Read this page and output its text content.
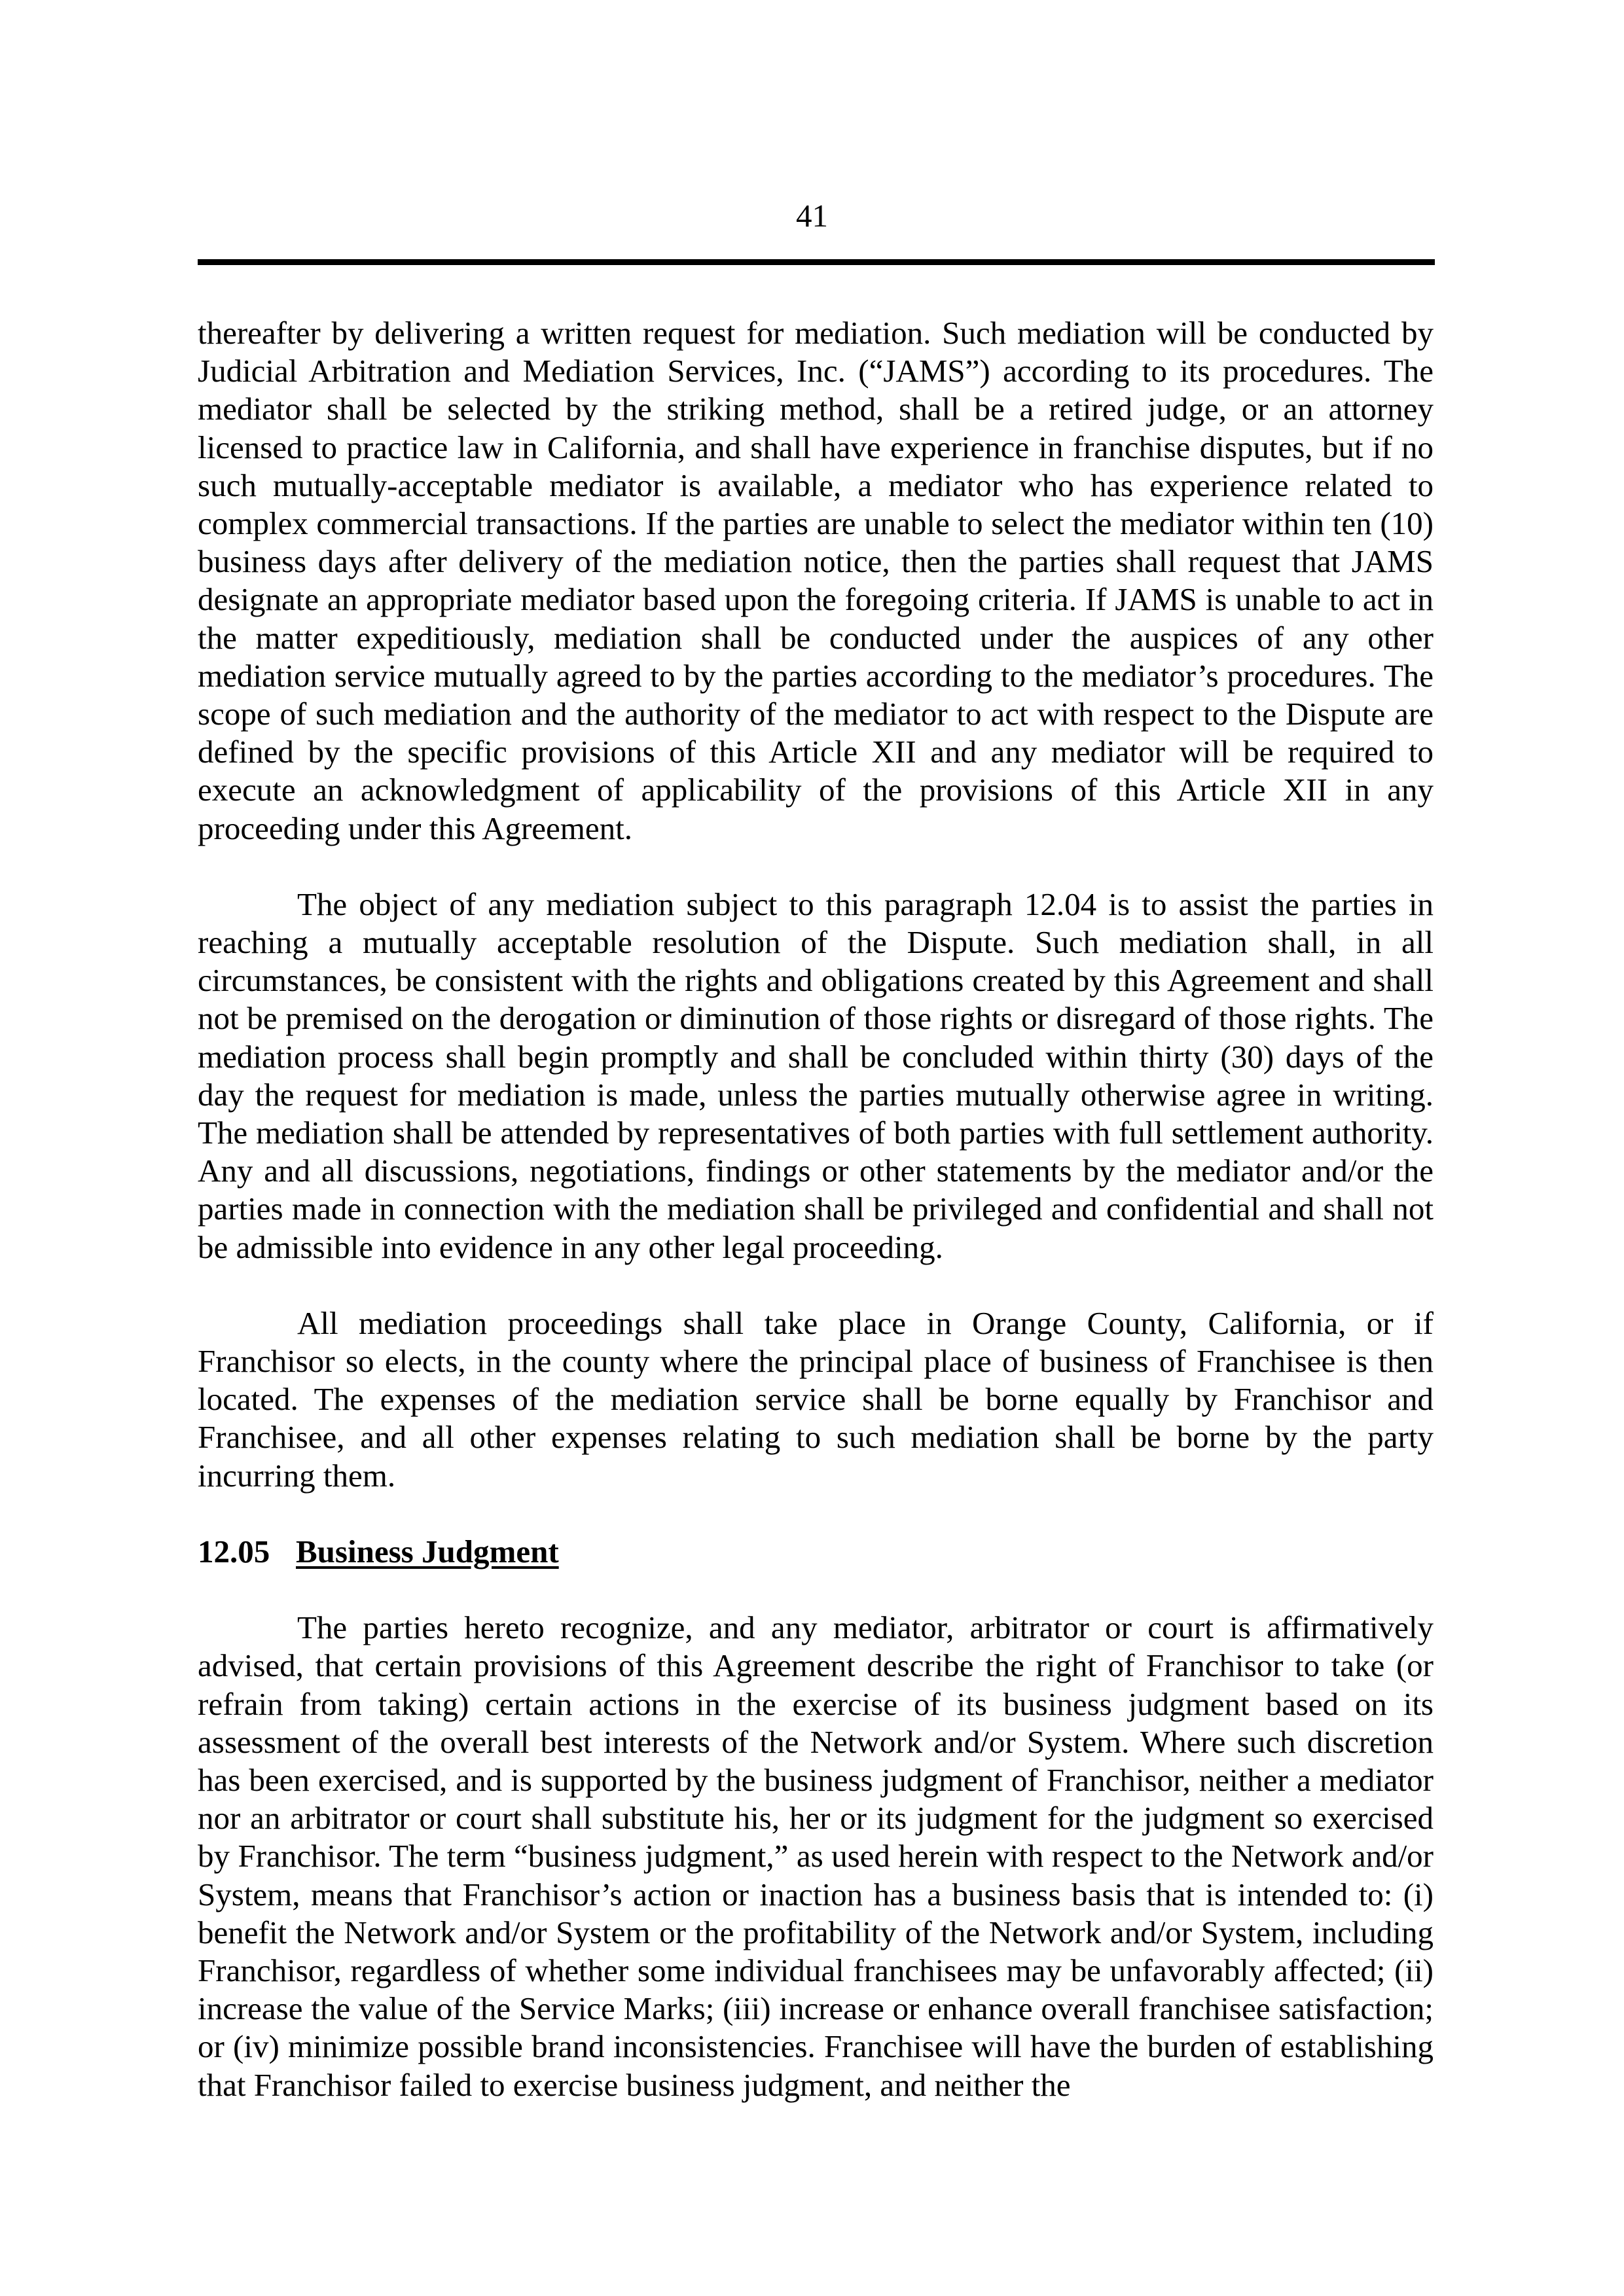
41

thereafter by delivering a written request for mediation. Such mediation will be conducted by Judicial Arbitration and Mediation Services, Inc. (“JAMS”) according to its procedures. The mediator shall be selected by the striking method, shall be a retired judge, or an attorney licensed to practice law in California, and shall have experience in franchise disputes, but if no such mutually-acceptable mediator is available, a mediator who has experience related to complex commercial transactions. If the parties are unable to select the mediator within ten (10) business days after delivery of the mediation notice, then the parties shall request that JAMS designate an appropriate mediator based upon the foregoing criteria. If JAMS is unable to act in the matter expeditiously, mediation shall be conducted under the auspices of any other mediation service mutually agreed to by the parties according to the mediator’s procedures. The scope of such mediation and the authority of the mediator to act with respect to the Dispute are defined by the specific provisions of this Article XII and any mediator will be required to execute an acknowledgment of applicability of the provisions of this Article XII in any proceeding under this Agreement.

The object of any mediation subject to this paragraph 12.04 is to assist the parties in reaching a mutually acceptable resolution of the Dispute. Such mediation shall, in all circumstances, be consistent with the rights and obligations created by this Agreement and shall not be premised on the derogation or diminution of those rights or disregard of those rights. The mediation process shall begin promptly and shall be concluded within thirty (30) days of the day the request for mediation is made, unless the parties mutually otherwise agree in writing. The mediation shall be attended by representatives of both parties with full settlement authority. Any and all discussions, negotiations, findings or other statements by the mediator and/or the parties made in connection with the mediation shall be privileged and confidential and shall not be admissible into evidence in any other legal proceeding.

All mediation proceedings shall take place in Orange County, California, or if Franchisor so elects, in the county where the principal place of business of Franchisee is then located. The expenses of the mediation service shall be borne equally by Franchisor and Franchisee, and all other expenses relating to such mediation shall be borne by the party incurring them.

12.05 Business Judgment

The parties hereto recognize, and any mediator, arbitrator or court is affirmatively advised, that certain provisions of this Agreement describe the right of Franchisor to take (or refrain from taking) certain actions in the exercise of its business judgment based on its assessment of the overall best interests of the Network and/or System. Where such discretion has been exercised, and is supported by the business judgment of Franchisor, neither a mediator nor an arbitrator or court shall substitute his, her or its judgment for the judgment so exercised by Franchisor. The term “business judgment,” as used herein with respect to the Network and/or System, means that Franchisor’s action or inaction has a business basis that is intended to: (i) benefit the Network and/or System or the profitability of the Network and/or System, including Franchisor, regardless of whether some individual franchisees may be unfavorably affected; (ii) increase the value of the Service Marks; (iii) increase or enhance overall franchisee satisfaction; or (iv) minimize possible brand inconsistencies. Franchisee will have the burden of establishing that Franchisor failed to exercise business judgment, and neither the
